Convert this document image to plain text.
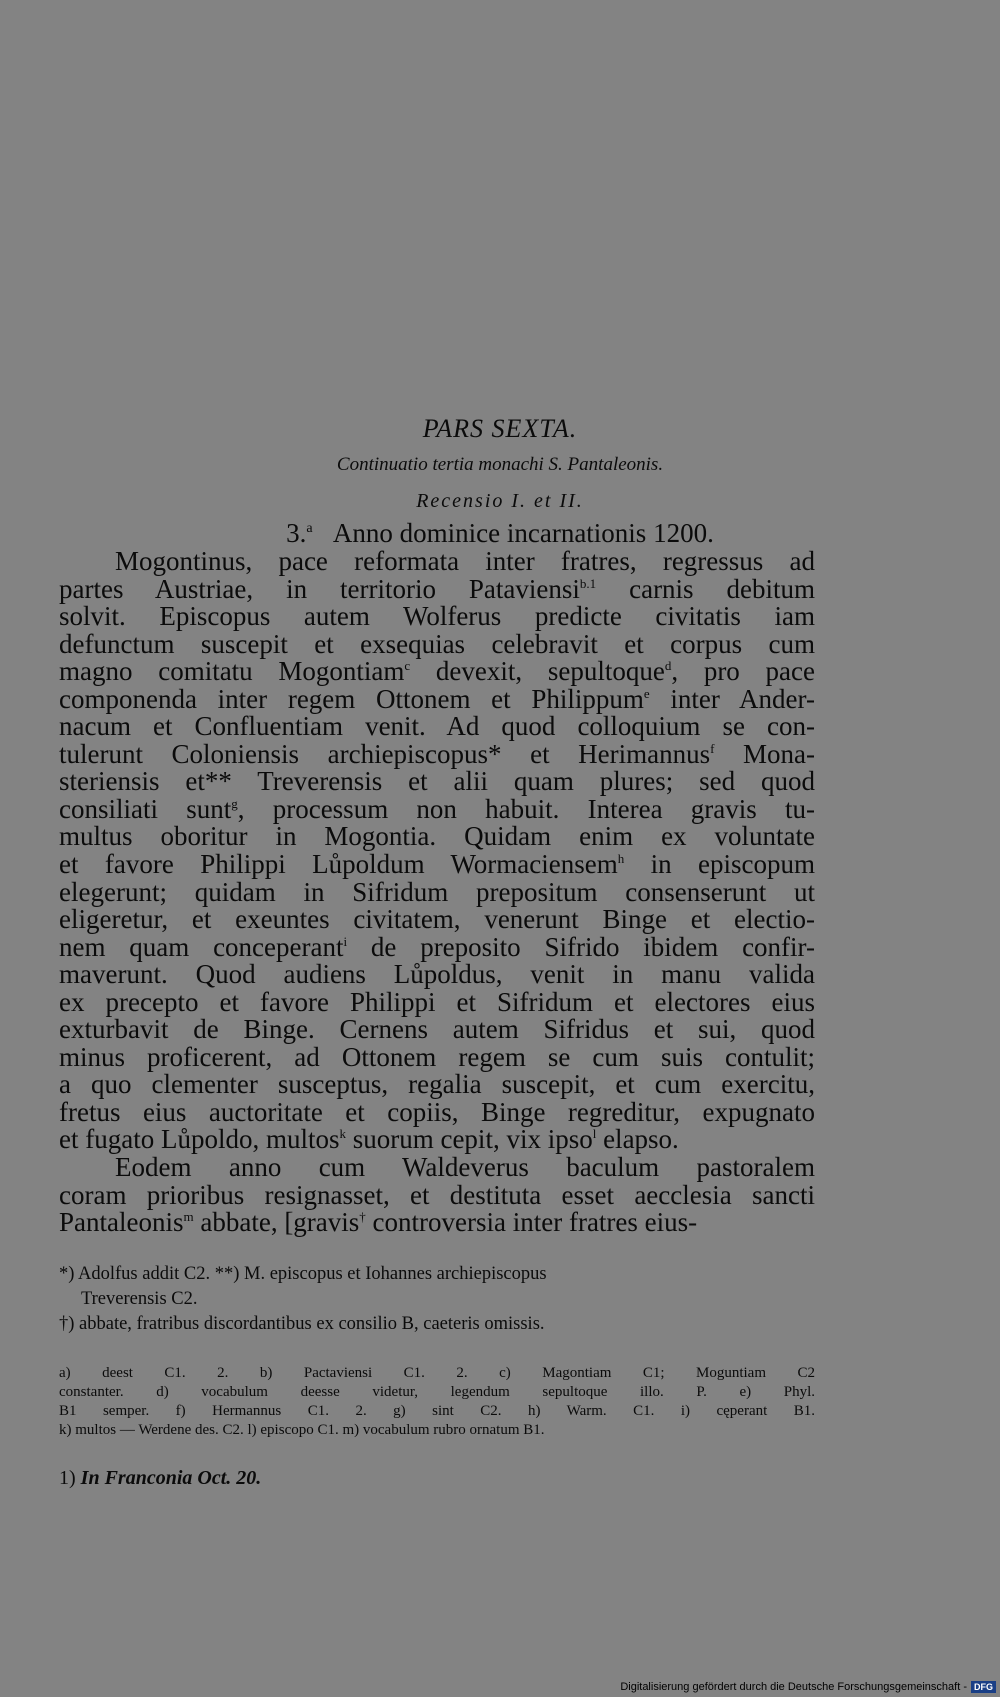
PARS SEXTA.
Continuatio tertia monachi S. Pantaleonis.
Recensio I. et II.
3.$^a$ Anno dominice incarnationis 1200.
Mogontinus, pace reformata inter fratres, regressus ad
partes Austriae, in territorio Pataviensi$^{b.1}$ carnis debitum
solvit. Episcopus autem Wolferus predicte civitatis iam
defunctum suscepit et exsequias celebravit et corpus cum
magno comitatu Mogontiam$^c$ devexit, sepultoque$^d$, pro pace
componenda inter regem Ottonem et Philippum$^e$ inter Ander-
nacum et Confluentiam venit. Ad quod colloquium se con-
tulerunt Coloniensis archiepiscopus* et Herimannus$^f$ Mona-
steriensis et** Treverensis et alii quam plures; sed quod
consiliati sunt$^g$, processum non habuit. Interea gravis tu-
multus oboritur in Mogontia. Quidam enim ex voluntate
et favore Philippi Lůpoldum Wormaciensem$^h$ in episcopum
elegerunt; quidam in Sifridum prepositum consenserunt ut
eligeretur, et exeuntes civitatem, venerunt Binge et electio-
nem quam conceperant$^i$ de preposito Sifrido ibidem confir-
maverunt. Quod audiens Lůpoldus, venit in manu valida
ex precepto et favore Philippi et Sifridum et electores eius
exturbavit de Binge. Cernens autem Sifridus et sui, quod
minus proficerent, ad Ottonem regem se cum suis contulit;
a quo clementer susceptus, regalia suscepit, et cum exercitu,
fretus eius auctoritate et copiis, Binge regreditur, expugnato
et fugato Lůpoldo, multos$^k$ suorum cepit, vix ipso$^l$ elapso.
Eodem anno cum Waldeverus baculum pastoralem
coram prioribus resignasset, et destituta esset aecclesia sancti
Pantaleonis$^m$ abbate, [gravis† controversia inter fratres eius-
*) Adolfus addit C2. **) M. episcopus et Iohannes archiepiscopus
Treverensis C2.
†) abbate, fratribus discordantibus ex consilio B, caeteris omissis.
a) deest C1. 2. b) Pactaviensi C1. 2. c) Magontiam C1; Moguntiam C2
constanter. d) vocabulum deesse videtur, legendum sepultoque illo. P. e) Phyl.
B1 semper. f) Hermannus C1. 2. g) sint C2. h) Warm. C1. i) cęperant B1.
k) multos — Werdene des. C2. l) episcopo C1. m) vocabulum rubro ornatum B1.
1) In Franconia Oct. 20.
Digitalisierung gefördert durch die Deutsche Forschungsgemeinschaft - DFG
